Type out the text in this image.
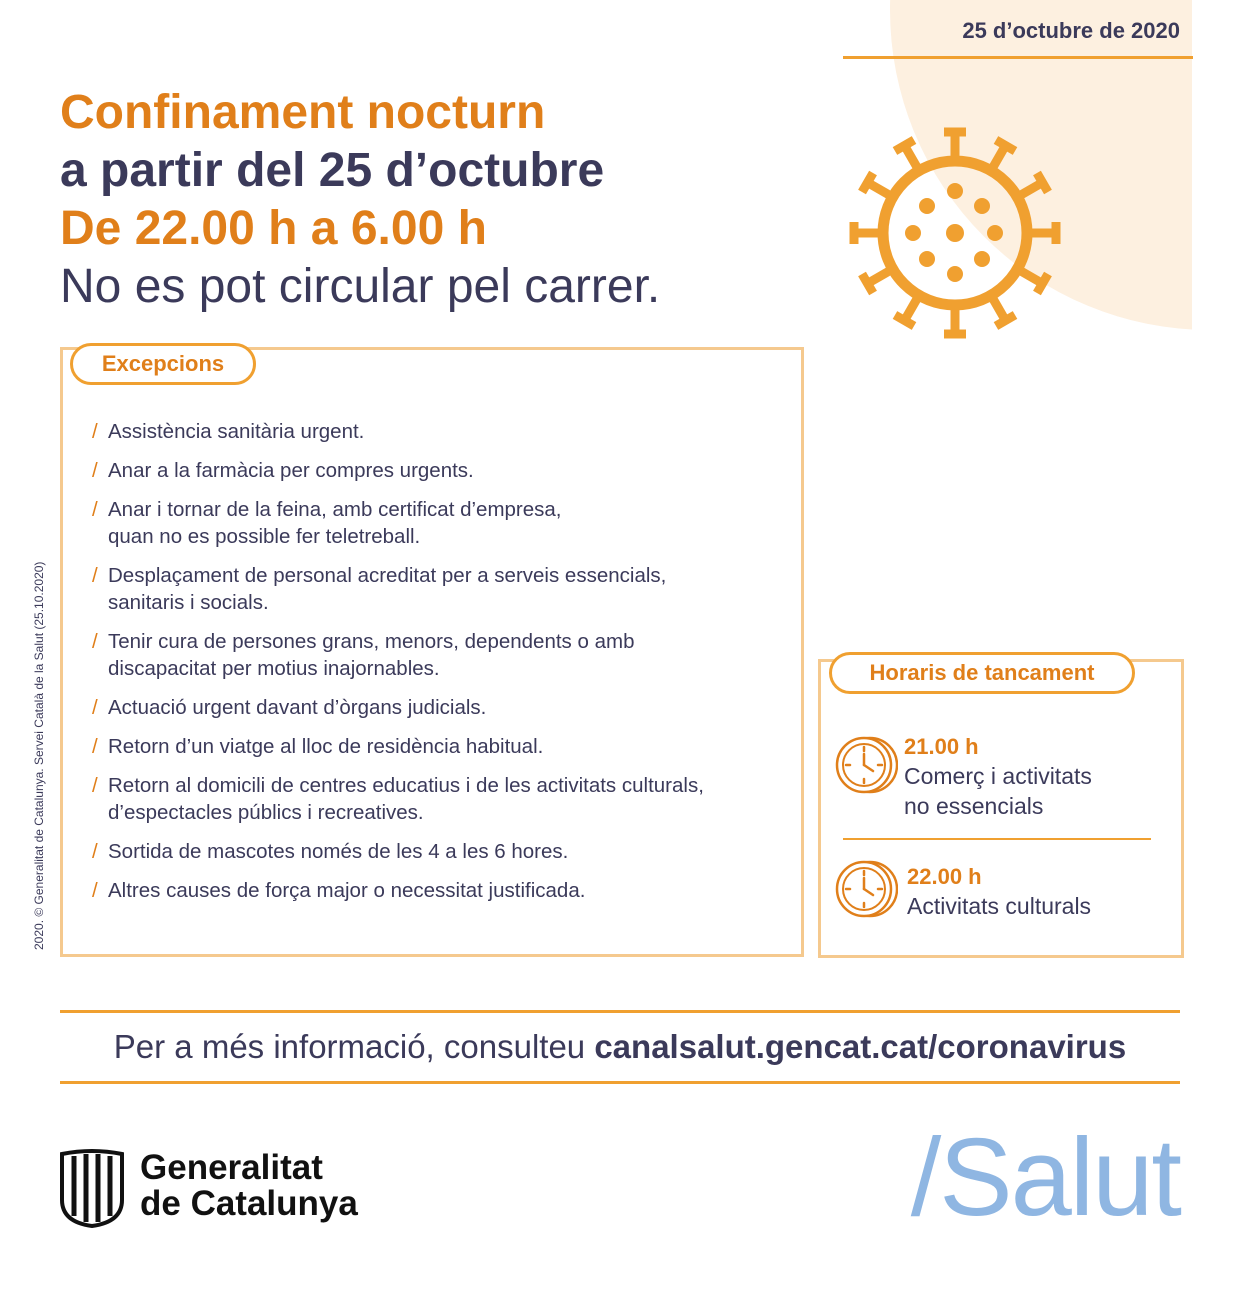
25 d’octubre de 2020
Confinament nocturn
a partir del 25 d’octubre
De 22.00 h a 6.00 h
No es pot circular pel carrer.
2020. © Generalitat de Catalunya. Servei Català de la Salut (25.10.2020)
Excepcions
/ Assistència sanitària urgent.
/ Anar a la farmàcia per compres urgents.
/ Anar i tornar de la feina, amb certificat d’empresa,
quan no es possible fer teletreball.
/ Desplaçament de personal acreditat per a serveis essencials,
sanitaris i socials.
/ Tenir cura de persones grans, menors, dependents o amb
discapacitat per motius inajornables.
/ Actuació urgent davant d’òrgans judicials.
/ Retorn d’un viatge al lloc de residència habitual.
/ Retorn al domicili de centres educatius i de les activitats culturals,
d’espectacles públics i recreatives.
/ Sortida de mascotes només de les 4 a les 6 hores.
/ Altres causes de força major o necessitat justificada.
Horaris de tancament
21.00 h
Comerç i activitats
no essencials
22.00 h
Activitats culturals
Per a més informació, consulteu canalsalut.gencat.cat/coronavirus
Generalitat
de Catalunya	/Salut
